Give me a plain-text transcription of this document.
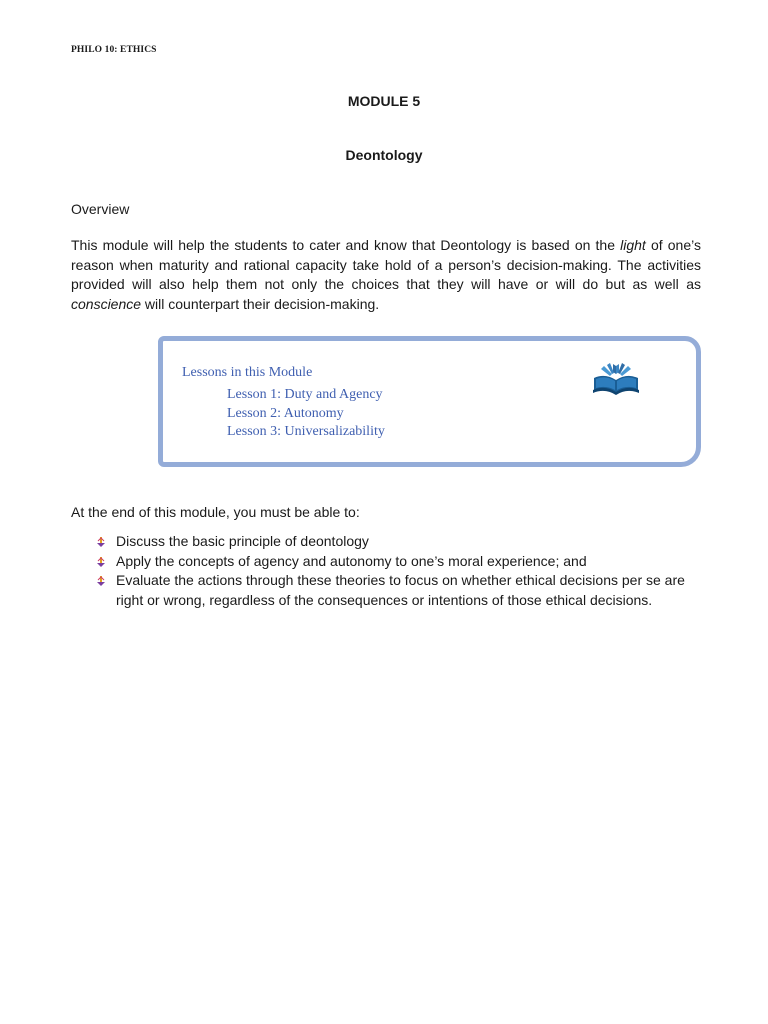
PHILO 10: ETHICS
MODULE 5
Deontology
Overview

This module will help the students to cater and know that Deontology is based on the light of one’s reason when maturity and rational capacity take hold of a person’s decision-making. The activities provided will also help them not only the choices that they will have or will do but as well as conscience will counterpart their decision-making.

Lessons in this Module
Lesson 1: Duty and Agency
Lesson 2: Autonomy
Lesson 3: Universalizability
At the end of this module, you must be able to:
Discuss the basic principle of deontology
Apply the concepts of agency and autonomy to one’s moral experience; and
Evaluate the actions through these theories to focus on whether ethical decisions per se are right or wrong, regardless of the consequences or intentions of those ethical decisions.
